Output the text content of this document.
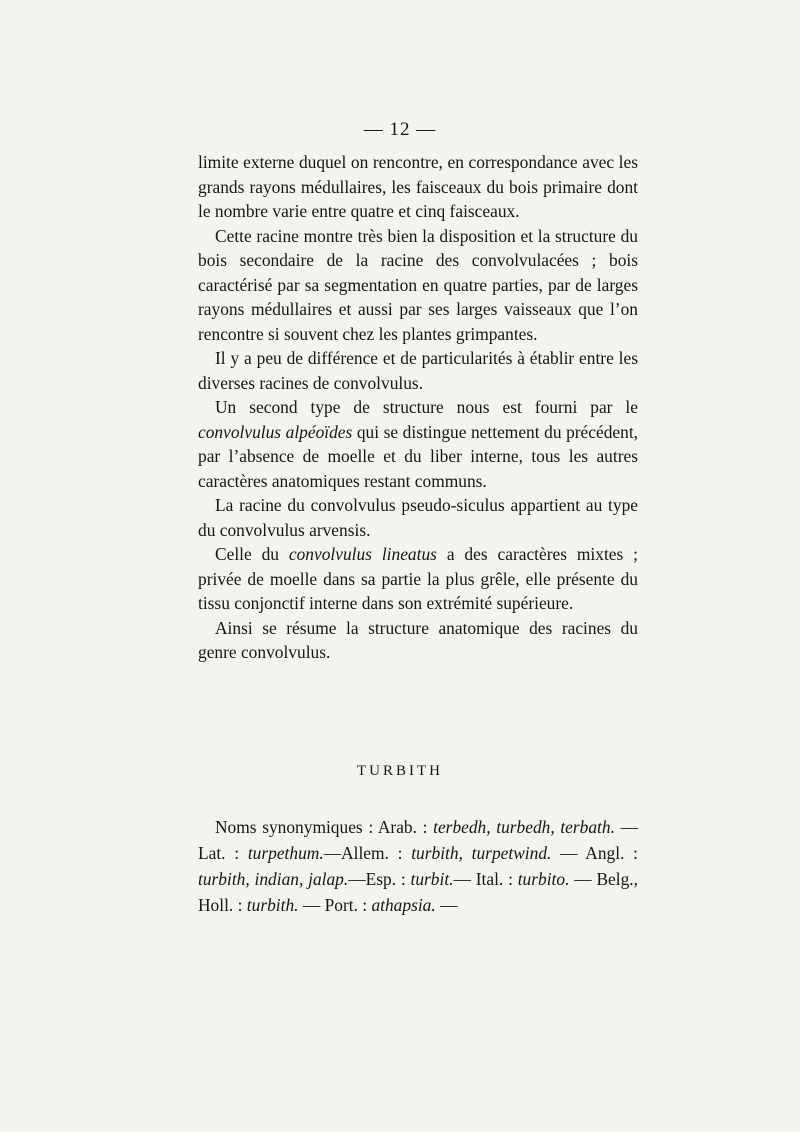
— 12 —

limite externe duquel on rencontre, en correspondance avec les grands rayons médullaires, les faisceaux du bois primaire dont le nombre varie entre quatre et cinq faisceaux.

Cette racine montre très bien la disposition et la structure du bois secondaire de la racine des convolvulacées ; bois caractérisé par sa segmentation en quatre parties, par de larges rayons médullaires et aussi par ses larges vaisseaux que l’on rencontre si souvent chez les plantes grimpantes.

Il y a peu de différence et de particularités à établir entre les diverses racines de convolvulus.

Un second type de structure nous est fourni par le convolvulus alpéoïdes qui se distingue nettement du précédent, par l’absence de moelle et du liber interne, tous les autres caractères anatomiques restant communs.

La racine du convolvulus pseudo-siculus appartient au type du convolvulus arvensis.

Celle du convolvulus lineatus a des caractères mixtes ; privée de moelle dans sa partie la plus grêle, elle présente du tissu conjonctif interne dans son extrémité supérieure.

Ainsi se résume la structure anatomique des racines du genre convolvulus.

TURBITH

Noms synonymiques : Arab. : terbedh, turbedh, terbath. —Lat. : turpethum.—Allem. : turbith, turpetwind. — Angl. : turbith, indian, jalap.—Esp. : turbit.— Ital. : turbito. — Belg., Holl. : turbith. — Port. : athapsia. —
